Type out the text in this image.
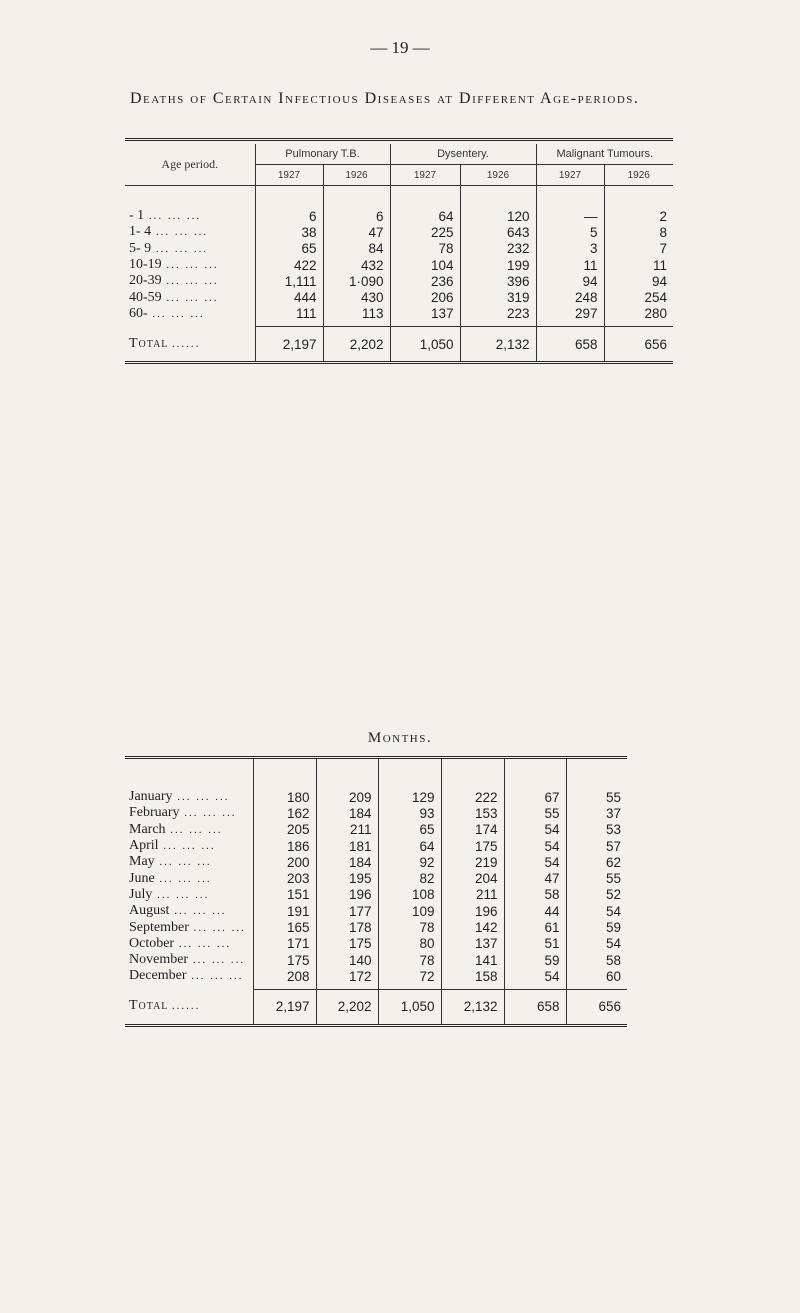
— 19 —
Deaths of Certain Infectious Diseases at Different Age-periods.

Age period.	Pulmonary T.B.		Dysentery.		Malignant Tumours.	
	1927	1926	1927	1926	1927	1926

- 1 ... ... ...	6	6	64	120	—	2
1- 4 ... ... ...	38	47	225	643	5	8
5- 9 ... ... ...	65	84	78	232	3	7
10-19 ... ... ...	422	432	104	199	11	11
20-39 ... ... ...	1,111	1·090	236	396	94	94
40-59 ... ... ...	444	430	206	319	248	254
60- ... ... ...	111	113	137	223	297	280

Total ......	2,197	2,202	1,050	2,132	658	656

Months.

January ... ... ...	180	209	129	222	67	55
February ... ... ...	162	184	93	153	55	37
March ... ... ...	205	211	65	174	54	53
April ... ... ...	186	181	64	175	54	57
May ... ... ...	200	184	92	219	54	62
June ... ... ...	203	195	82	204	47	55
July ... ... ...	151	196	108	211	58	52
August ... ... ...	191	177	109	196	44	54
September ... ... ...	165	178	78	142	61	59
October ... ... ...	171	175	80	137	51	54
November ... ... ...	175	140	78	141	59	58
December ... ... ...	208	172	72	158	54	60

Total ......	2,197	2,202	1,050	2,132	658	656
